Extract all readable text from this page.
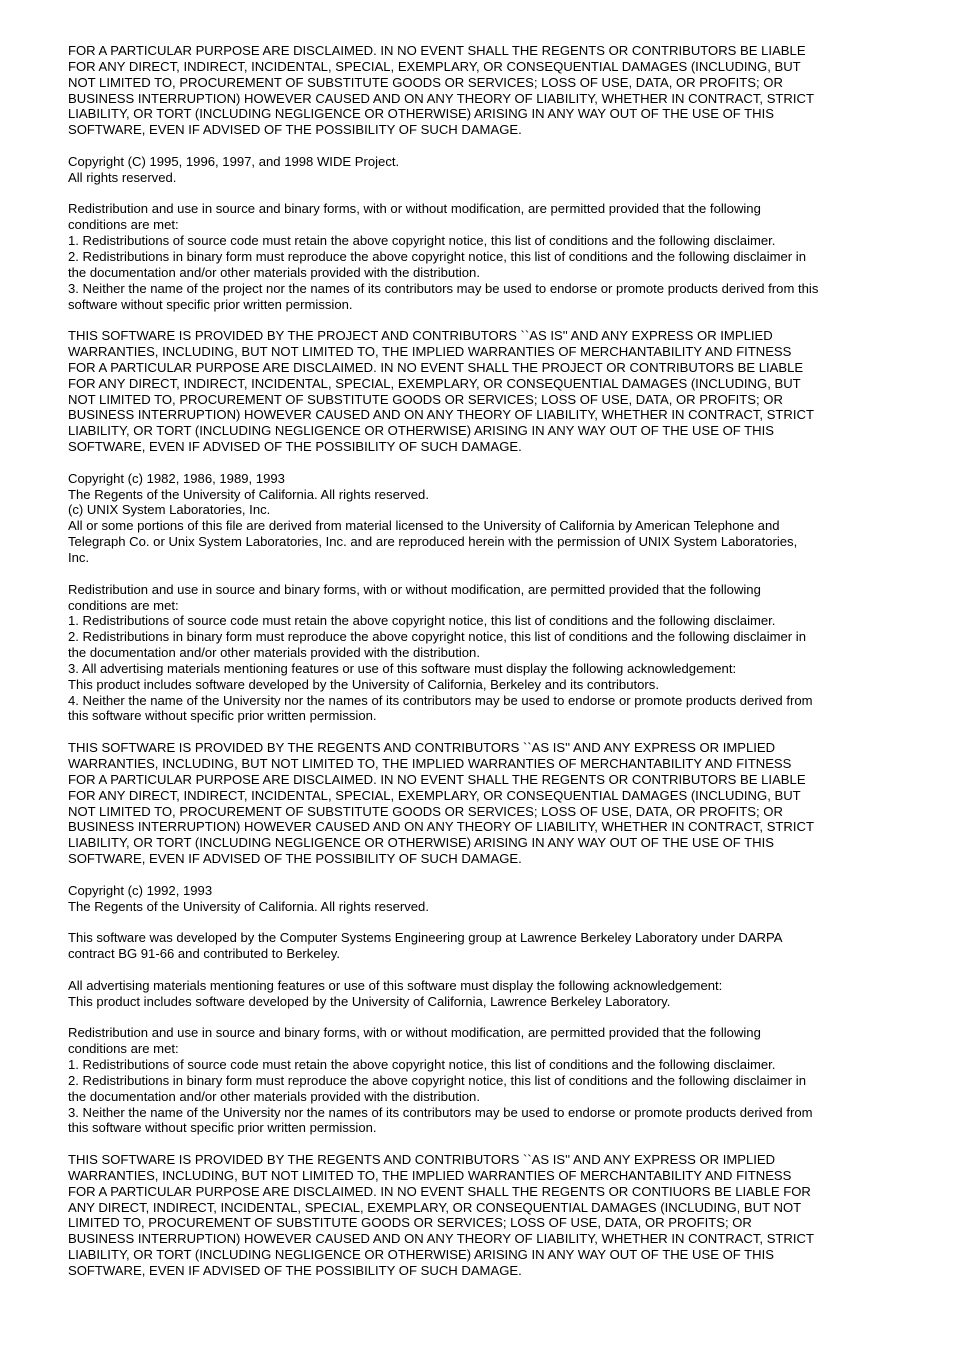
FOR A PARTICULAR PURPOSE ARE DISCLAIMED. IN NO EVENT SHALL THE REGENTS OR CONTRIBUTORS BE LIABLE
FOR ANY DIRECT, INDIRECT, INCIDENTAL, SPECIAL, EXEMPLARY, OR CONSEQUENTIAL DAMAGES (INCLUDING, BUT
NOT LIMITED TO, PROCUREMENT OF SUBSTITUTE GOODS OR SERVICES; LOSS OF USE, DATA, OR PROFITS; OR
BUSINESS INTERRUPTION) HOWEVER CAUSED AND ON ANY THEORY OF LIABILITY, WHETHER IN CONTRACT, STRICT
LIABILITY, OR TORT (INCLUDING NEGLIGENCE OR OTHERWISE) ARISING IN ANY WAY OUT OF THE USE OF THIS
SOFTWARE, EVEN IF ADVISED OF THE POSSIBILITY OF SUCH DAMAGE.
Copyright (C) 1995, 1996, 1997, and 1998 WIDE Project.
All rights reserved.
Redistribution and use in source and binary forms, with or without modification, are permitted provided that the following
conditions are met:
1. Redistributions of source code must retain the above copyright notice, this list of conditions and the following disclaimer.
2. Redistributions in binary form must reproduce the above copyright notice, this list of conditions and the following disclaimer in
the documentation and/or other materials provided with the distribution.
3. Neither the name of the project nor the names of its contributors may be used to endorse or promote products derived from this
software without specific prior written permission.
THIS SOFTWARE IS PROVIDED BY THE PROJECT AND CONTRIBUTORS ``AS IS'' AND ANY EXPRESS OR IMPLIED
WARRANTIES, INCLUDING, BUT NOT LIMITED TO, THE IMPLIED WARRANTIES OF MERCHANTABILITY AND FITNESS
FOR A PARTICULAR PURPOSE ARE DISCLAIMED. IN NO EVENT SHALL THE PROJECT OR CONTRIBUTORS BE LIABLE
FOR ANY DIRECT, INDIRECT, INCIDENTAL, SPECIAL, EXEMPLARY, OR CONSEQUENTIAL DAMAGES (INCLUDING, BUT
NOT LIMITED TO, PROCUREMENT OF SUBSTITUTE GOODS OR SERVICES; LOSS OF USE, DATA, OR PROFITS; OR
BUSINESS INTERRUPTION) HOWEVER CAUSED AND ON ANY THEORY OF LIABILITY, WHETHER IN CONTRACT, STRICT
LIABILITY, OR TORT (INCLUDING NEGLIGENCE OR OTHERWISE) ARISING IN ANY WAY OUT OF THE USE OF THIS
SOFTWARE, EVEN IF ADVISED OF THE POSSIBILITY OF SUCH DAMAGE.
Copyright (c) 1982, 1986, 1989, 1993
The Regents of the University of California. All rights reserved.
(c) UNIX System Laboratories, Inc.
All or some portions of this file are derived from material licensed to the University of California by American Telephone and
Telegraph Co. or Unix System Laboratories, Inc. and are reproduced herein with the permission of UNIX System Laboratories,
Inc.
Redistribution and use in source and binary forms, with or without modification, are permitted provided that the following
conditions are met:
1. Redistributions of source code must retain the above copyright notice, this list of conditions and the following disclaimer.
2. Redistributions in binary form must reproduce the above copyright notice, this list of conditions and the following disclaimer in
the documentation and/or other materials provided with the distribution.
3. All advertising materials mentioning features or use of this software must display the following acknowledgement:
This product includes software developed by the University of California, Berkeley and its contributors.
4. Neither the name of the University nor the names of its contributors may be used to endorse or promote products derived from
this software without specific prior written permission.
THIS SOFTWARE IS PROVIDED BY THE REGENTS AND CONTRIBUTORS ``AS IS'' AND ANY EXPRESS OR IMPLIED
WARRANTIES, INCLUDING, BUT NOT LIMITED TO, THE IMPLIED WARRANTIES OF MERCHANTABILITY AND FITNESS
FOR A PARTICULAR PURPOSE ARE DISCLAIMED. IN NO EVENT SHALL THE REGENTS OR CONTRIBUTORS BE LIABLE
FOR ANY DIRECT, INDIRECT, INCIDENTAL, SPECIAL, EXEMPLARY, OR CONSEQUENTIAL DAMAGES (INCLUDING, BUT
NOT LIMITED TO, PROCUREMENT OF SUBSTITUTE GOODS OR SERVICES; LOSS OF USE, DATA, OR PROFITS; OR
BUSINESS INTERRUPTION) HOWEVER CAUSED AND ON ANY THEORY OF LIABILITY, WHETHER IN CONTRACT, STRICT
LIABILITY, OR TORT (INCLUDING NEGLIGENCE OR OTHERWISE) ARISING IN ANY WAY OUT OF THE USE OF THIS
SOFTWARE, EVEN IF ADVISED OF THE POSSIBILITY OF SUCH DAMAGE.
Copyright (c) 1992, 1993
The Regents of the University of California. All rights reserved.
This software was developed by the Computer Systems Engineering group at Lawrence Berkeley Laboratory under DARPA
contract BG 91-66 and contributed to Berkeley.
All advertising materials mentioning features or use of this software must display the following acknowledgement:
This product includes software developed by the University of California, Lawrence Berkeley Laboratory.
Redistribution and use in source and binary forms, with or without modification, are permitted provided that the following
conditions are met:
1. Redistributions of source code must retain the above copyright notice, this list of conditions and the following disclaimer.
2. Redistributions in binary form must reproduce the above copyright notice, this list of conditions and the following disclaimer in
the documentation and/or other materials provided with the distribution.
3. Neither the name of the University nor the names of its contributors may be used to endorse or promote products derived from
this software without specific prior written permission.
THIS SOFTWARE IS PROVIDED BY THE REGENTS AND CONTRIBUTORS ``AS IS'' AND ANY EXPRESS OR IMPLIED
WARRANTIES, INCLUDING, BUT NOT LIMITED TO, THE IMPLIED WARRANTIES OF MERCHANTABILITY AND FITNESS
FOR A PARTICULAR PURPOSE ARE DISCLAIMED. IN NO EVENT SHALL THE REGENTS OR CONTIUORS BE LIABLE FOR
ANY DIRECT, INDIRECT, INCIDENTAL, SPECIAL, EXEMPLARY, OR CONSEQUENTIAL DAMAGES (INCLUDING, BUT NOT
LIMITED TO, PROCUREMENT OF SUBSTITUTE GOODS OR SERVICES; LOSS OF USE, DATA, OR PROFITS; OR
BUSINESS INTERRUPTION) HOWEVER CAUSED AND ON ANY THEORY OF LIABILITY, WHETHER IN CONTRACT, STRICT
LIABILITY, OR TORT (INCLUDING NEGLIGENCE OR OTHERWISE) ARISING IN ANY WAY OUT OF THE USE OF THIS
SOFTWARE, EVEN IF ADVISED OF THE POSSIBILITY OF SUCH DAMAGE.
